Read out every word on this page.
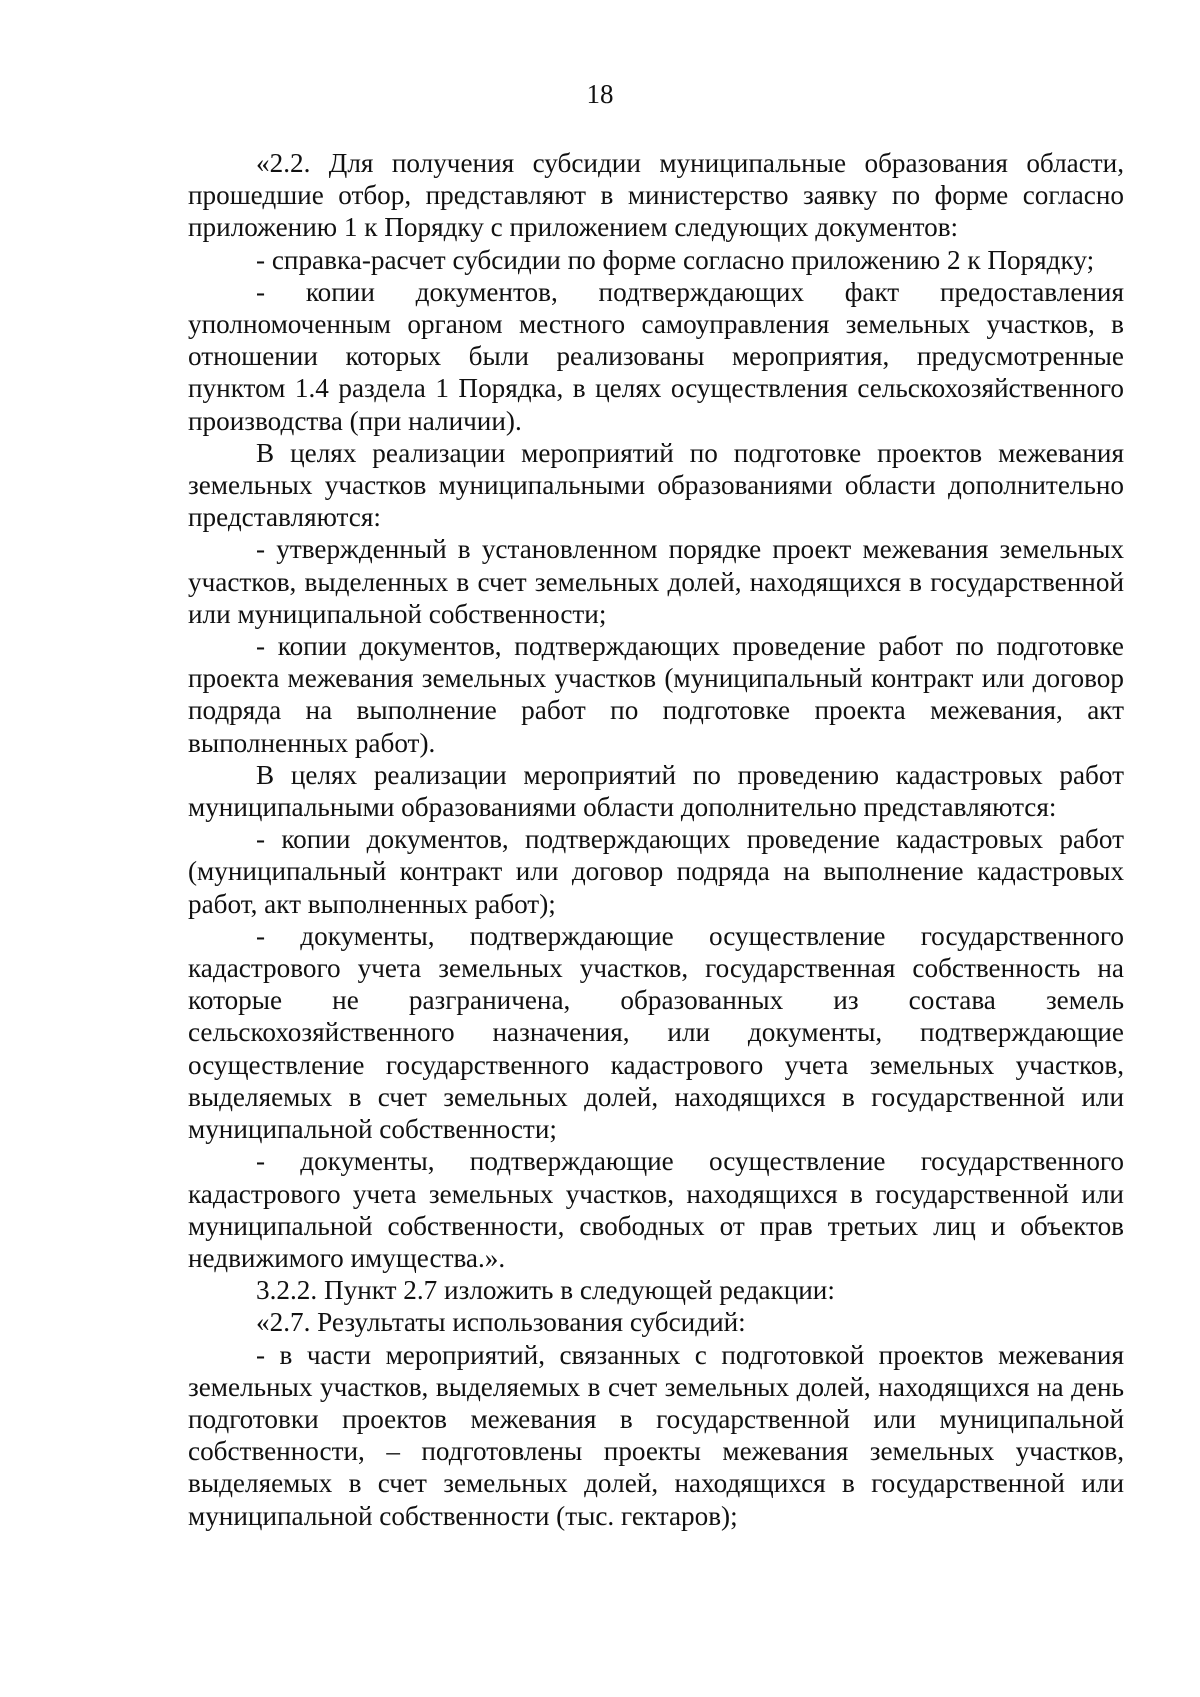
18

«2.2. Для получения субсидии муниципальные образования области, прошедшие отбор, представляют в министерство заявку по форме согласно приложению 1 к Порядку с приложением следующих документов:

- справка-расчет субсидии по форме согласно приложению 2 к Порядку;

- копии документов, подтверждающих факт предоставления уполномоченным органом местного самоуправления земельных участков, в отношении которых были реализованы мероприятия, предусмотренные пунктом 1.4 раздела 1 Порядка, в целях осуществления сельскохозяйственного производства (при наличии).

В целях реализации мероприятий по подготовке проектов межевания земельных участков муниципальными образованиями области дополнительно представляются:

- утвержденный в установленном порядке проект межевания земельных участков, выделенных в счет земельных долей, находящихся в государственной или муниципальной собственности;

- копии документов, подтверждающих проведение работ по подготовке проекта межевания земельных участков (муниципальный контракт или договор подряда на выполнение работ по подготовке проекта межевания, акт выполненных работ).

В целях реализации мероприятий по проведению кадастровых работ муниципальными образованиями области дополнительно представляются:

- копии документов, подтверждающих проведение кадастровых работ (муниципальный контракт или договор подряда на выполнение кадастровых работ, акт выполненных работ);

- документы, подтверждающие осуществление государственного кадастрового учета земельных участков, государственная собственность на которые не разграничена, образованных из состава земель сельскохозяйственного назначения, или документы, подтверждающие осуществление государственного кадастрового учета земельных участков, выделяемых в счет земельных долей, находящихся в государственной или муниципальной собственности;

- документы, подтверждающие осуществление государственного кадастрового учета земельных участков, находящихся в государственной или муниципальной собственности, свободных от прав третьих лиц и объектов недвижимого имущества.».

3.2.2. Пункт 2.7 изложить в следующей редакции:

«2.7. Результаты использования субсидий:

- в части мероприятий, связанных с подготовкой проектов межевания земельных участков, выделяемых в счет земельных долей, находящихся на день подготовки проектов межевания в государственной или муниципальной собственности, – подготовлены проекты межевания земельных участков, выделяемых в счет земельных долей, находящихся в государственной или муниципальной собственности (тыс. гектаров);
